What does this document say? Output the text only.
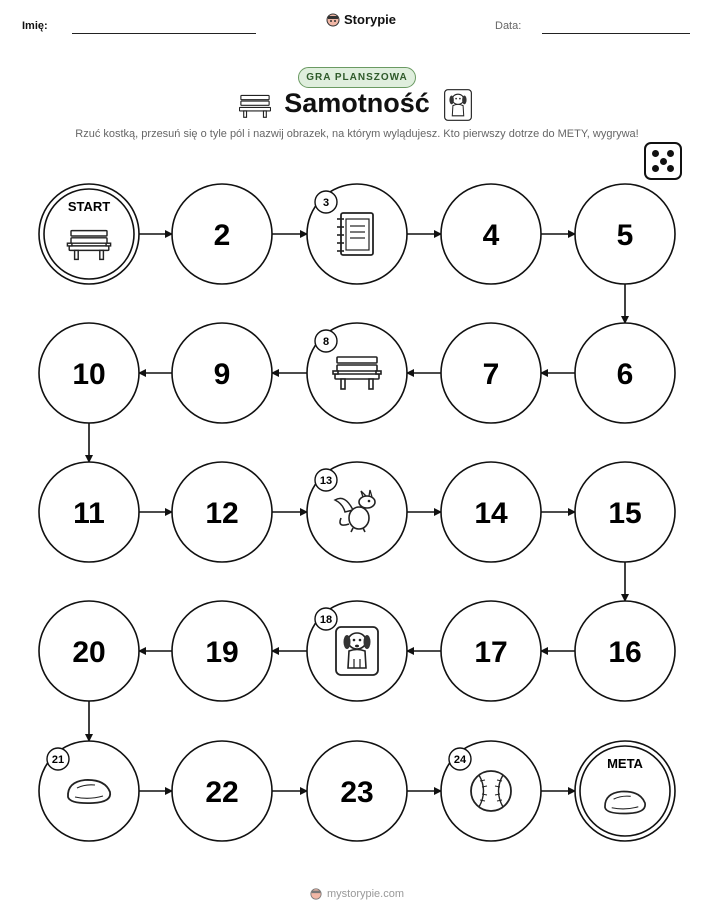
Imię:	Storypie	Data:
GRA PLANSZOWA
Samotność
Rzuć kostką, przesuń się o tyle pól i nazwij obrazek, na którym wylądujesz. Kto pierwszy dotrze do METY, wygrywa!
START
2
3
4	5
6
7
8
9
10
11	12
13
14	15
16
17
18
19
20
21
22	23
24	META
mystorypie.com
